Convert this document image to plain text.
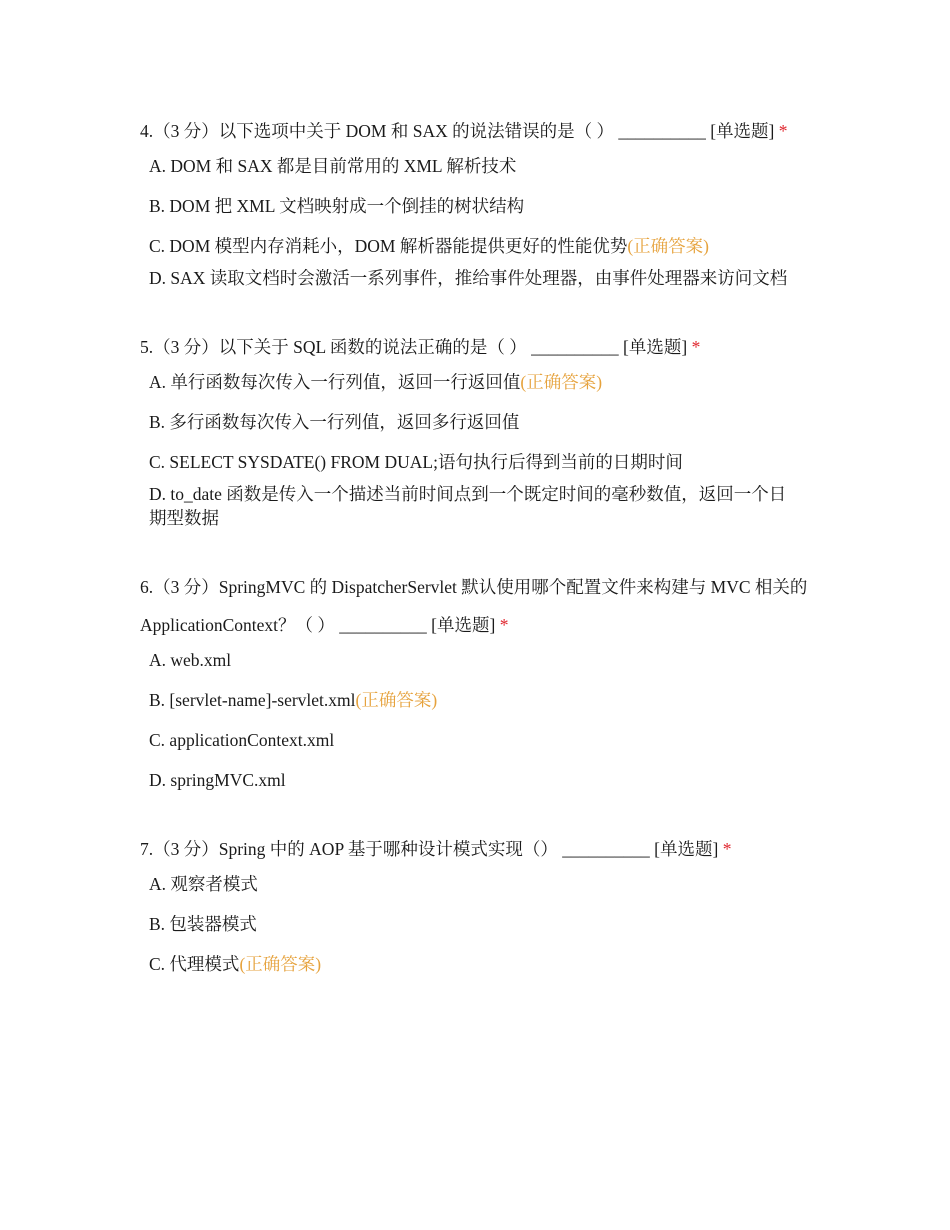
4.（3 分）以下选项中关于 DOM 和 SAX 的说法错误的是（ ） __________ [单选题] *
A. DOM 和 SAX 都是目前常用的 XML 解析技术
B. DOM 把 XML 文档映射成一个倒挂的树状结构
C. DOM 模型内存消耗小，DOM 解析器能提供更好的性能优势(正确答案)
D. SAX 读取文档时会激活一系列事件，推给事件处理器，由事件处理器来访问文档
5.（3 分）以下关于 SQL 函数的说法正确的是（ ） __________ [单选题] *
A. 单行函数每次传入一行列值，返回一行返回值(正确答案)
B. 多行函数每次传入一行列值，返回多行返回值
C. SELECT SYSDATE() FROM DUAL;语句执行后得到当前的日期时间
D. to_date 函数是传入一个描述当前时间点到一个既定时间的毫秒数值，返回一个日期型数据
6.（3 分）SpringMVC 的 DispatcherServlet 默认使用哪个配置文件来构建与 MVC 相关的 ApplicationContext？（ ） __________ [单选题] *
A. web.xml
B. [servlet-name]-servlet.xml(正确答案)
C. applicationContext.xml
D. springMVC.xml
7.（3 分）Spring 中的 AOP 基于哪种设计模式实现（） __________ [单选题] *
A. 观察者模式
B. 包装器模式
C. 代理模式(正确答案)
